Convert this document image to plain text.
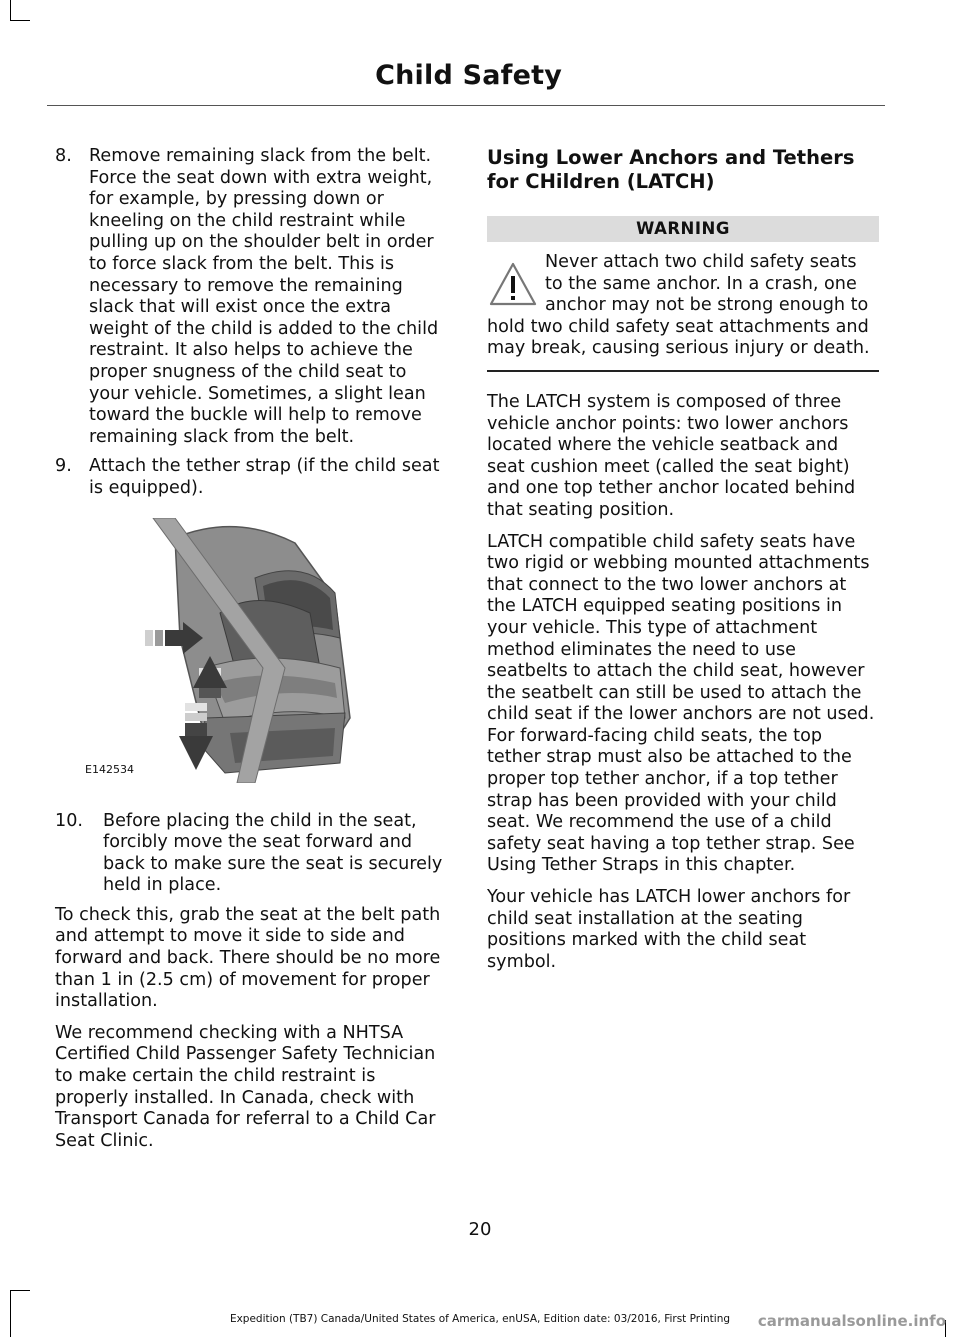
Child Safety
8. Remove remaining slack from the belt. Force the seat down with extra weight, for example, by pressing down or kneeling on the child restraint while pulling up on the shoulder belt in order to force slack from the belt. This is necessary to remove the remaining slack that will exist once the extra weight of the child is added to the child restraint. It also helps to achieve the proper snugness of the child seat to your vehicle. Sometimes, a slight lean toward the buckle will help to remove remaining slack from the belt.
9. Attach the tether strap (if the child seat is equipped).
E142534
10. Before placing the child in the seat, forcibly move the seat forward and back to make sure the seat is securely held in place.

To check this, grab the seat at the belt path and attempt to move it side to side and forward and back. There should be no more than 1 in (2.5 cm) of movement for proper installation.

We recommend checking with a NHTSA Certified Child Passenger Safety Technician to make certain the child restraint is properly installed. In Canada, check with Transport Canada for referral to a Child Car Seat Clinic.

Using Lower Anchors and Tethers for CHildren (LATCH)
WARNING
Never attach two child safety seats to the same anchor. In a crash, one anchor may not be strong enough to hold two child safety seat attachments and may break, causing serious injury or death.

The LATCH system is composed of three vehicle anchor points: two lower anchors located where the vehicle seatback and seat cushion meet (called the seat bight) and one top tether anchor located behind that seating position.

LATCH compatible child safety seats have two rigid or webbing mounted attachments that connect to the two lower anchors at the LATCH equipped seating positions in your vehicle. This type of attachment method eliminates the need to use seatbelts to attach the child seat, however the seatbelt can still be used to attach the child seat if the lower anchors are not used. For forward-facing child seats, the top tether strap must also be attached to the proper top tether anchor, if a top tether strap has been provided with your child seat. We recommend the use of a child safety seat having a top tether strap. See Using Tether Straps in this chapter.

Your vehicle has LATCH lower anchors for child seat installation at the seating positions marked with the child seat symbol.

20
Expedition (TB7) Canada/United States of America, enUSA, Edition date: 03/2016, First Printing	carmanualsonline.info
